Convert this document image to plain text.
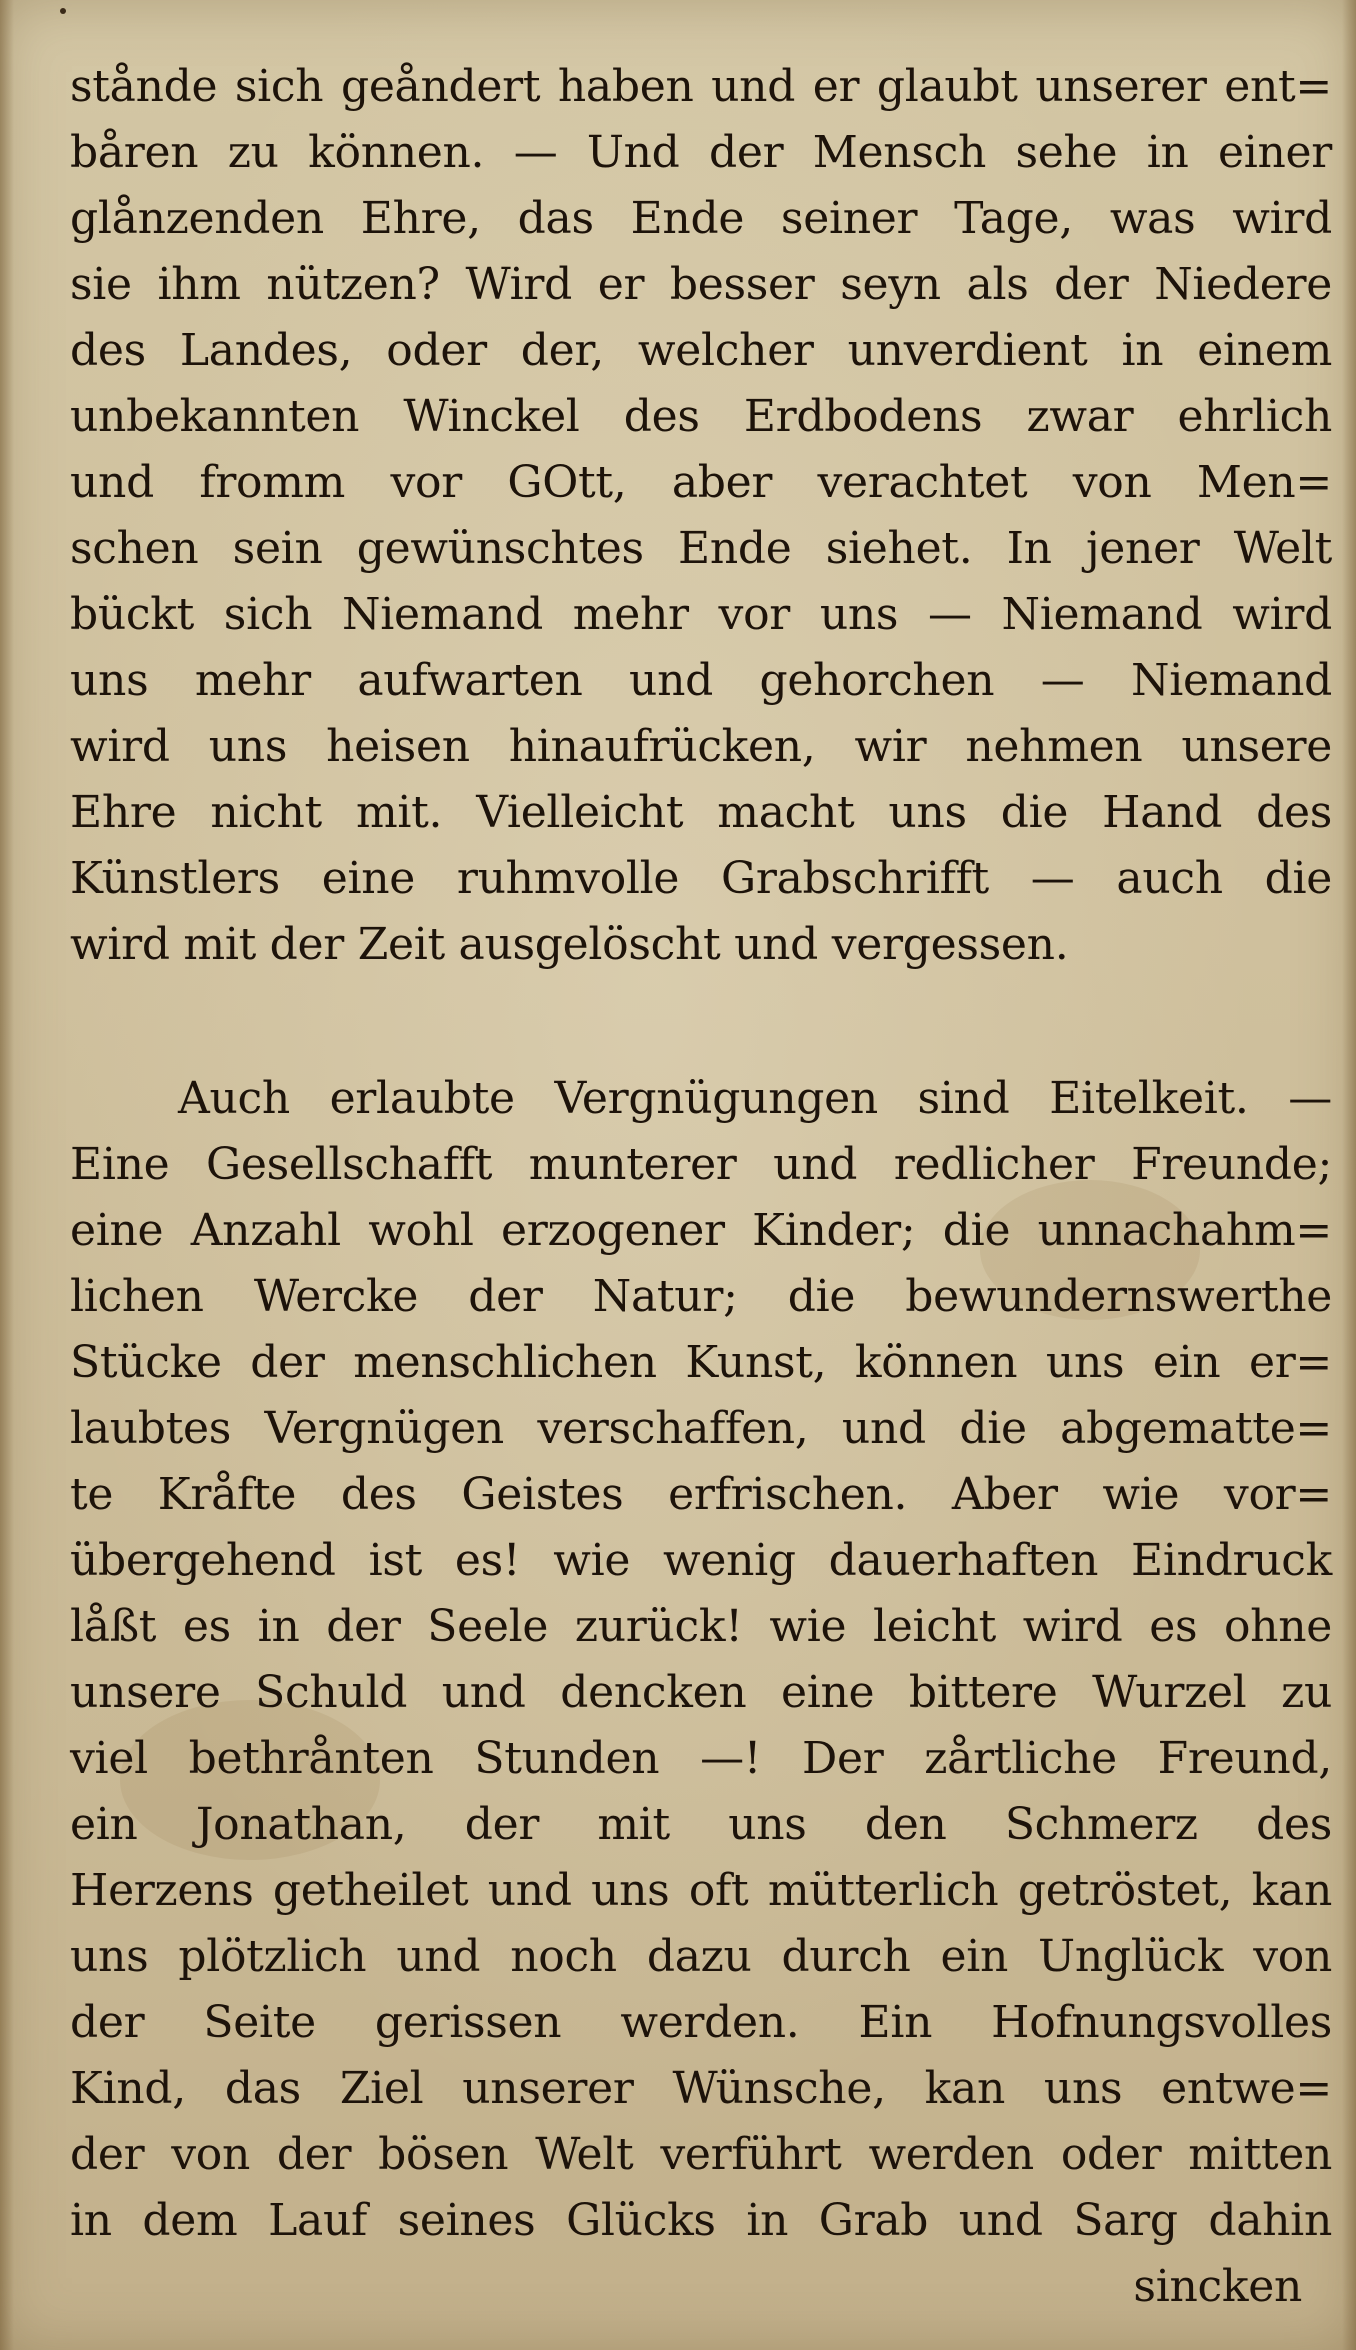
stånde sich geåndert haben und er glaubt unserer ent=
båren zu können. — Und der Mensch sehe in einer
glånzenden Ehre, das Ende seiner Tage, was wird
sie ihm nützen? Wird er besser seyn als der Niedere
des Landes, oder der, welcher unverdient in einem
unbekannten Winckel des Erdbodens zwar ehrlich
und fromm vor GOtt, aber verachtet von Men=
schen sein gewünschtes Ende siehet. In jener Welt
bückt sich Niemand mehr vor uns — Niemand wird
uns mehr aufwarten und gehorchen — Niemand
wird uns heisen hinaufrücken, wir nehmen unsere
Ehre nicht mit. Vielleicht macht uns die Hand des
Künstlers eine ruhmvolle Grabschrifft — auch die
wird mit der Zeit ausgelöscht und vergessen.
Auch erlaubte Vergnügungen sind Eitelkeit. —
Eine Gesellschafft munterer und redlicher Freunde;
eine Anzahl wohl erzogener Kinder; die unnachahm=
lichen Wercke der Natur; die bewundernswerthe
Stücke der menschlichen Kunst, können uns ein er=
laubtes Vergnügen verschaffen, und die abgematte=
te Kråfte des Geistes erfrischen. Aber wie vor=
übergehend ist es! wie wenig dauerhaften Eindruck
låßt es in der Seele zurück! wie leicht wird es ohne
unsere Schuld und dencken eine bittere Wurzel zu
viel bethrånten Stunden —! Der zårtliche Freund,
ein Jonathan, der mit uns den Schmerz des
Herzens getheilet und uns oft mütterlich getröstet, kan
uns plötzlich und noch dazu durch ein Unglück von
der Seite gerissen werden. Ein Hofnungsvolles
Kind, das Ziel unserer Wünsche, kan uns entwe=
der von der bösen Welt verführt werden oder mitten
in dem Lauf seines Glücks in Grab und Sarg dahin
sincken
